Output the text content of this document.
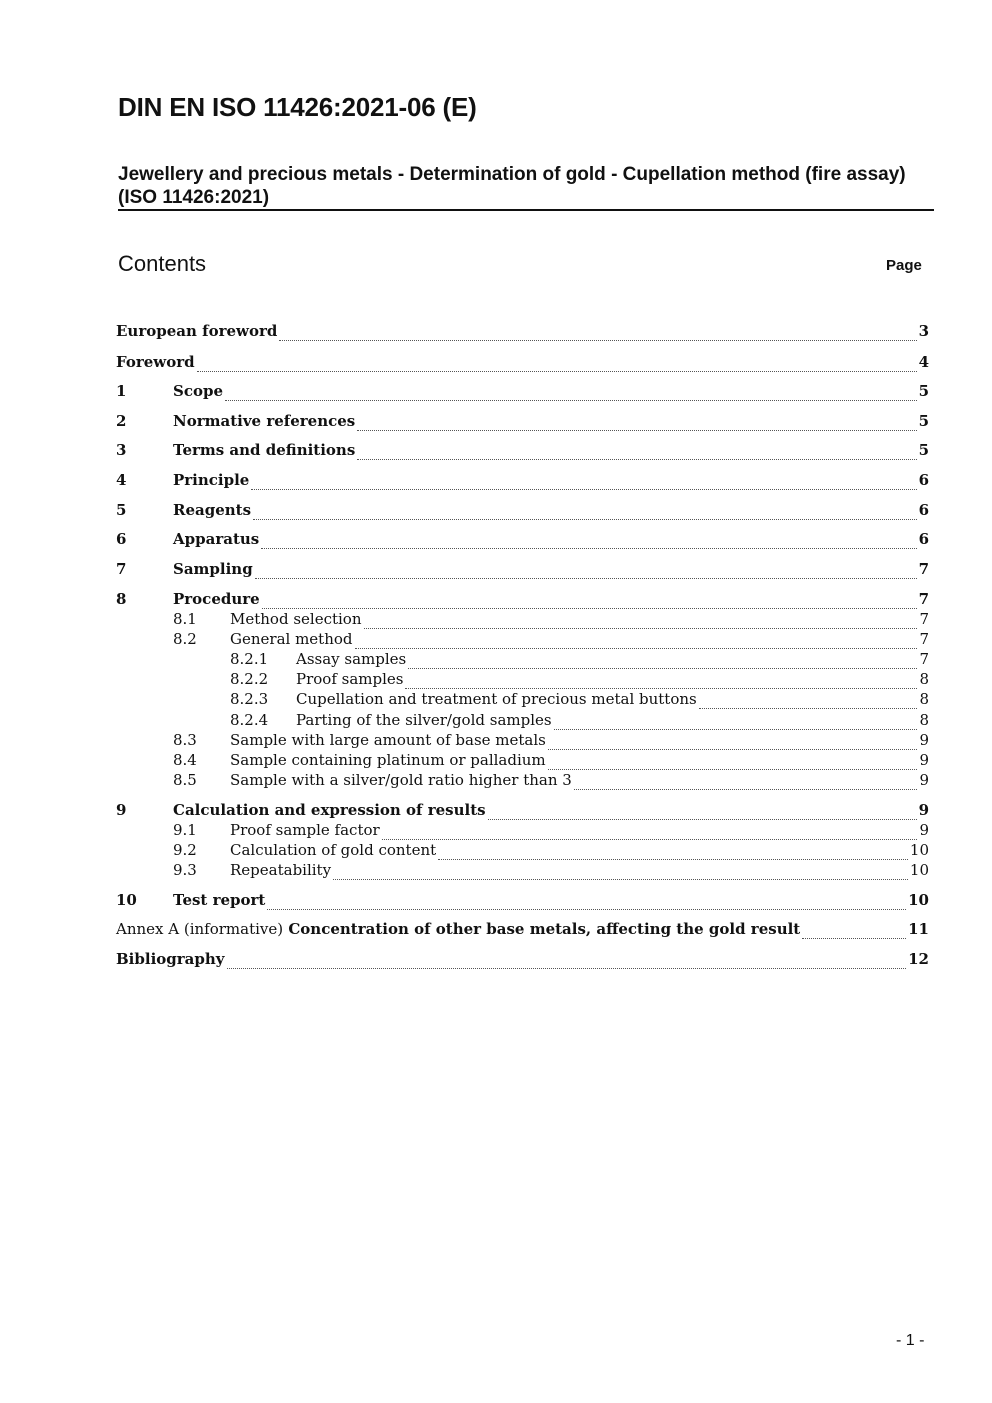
DIN EN ISO 11426:2021-06 (E)
Jewellery and precious metals - Determination of gold - Cupellation method (fire assay) (ISO 11426:2021)
Contents	Page
European foreword	3
Foreword	4
1	Scope	5
2	Normative references	5
3	Terms and definitions	5
4	Principle	6
5	Reagents	6
6	Apparatus	6
7	Sampling	7
8	Procedure	7
8.1	Method selection	7
8.2	General method	7
8.2.1	Assay samples	7
8.2.2	Proof samples	8
8.2.3	Cupellation and treatment of precious metal buttons	8
8.2.4	Parting of the silver/gold samples	8
8.3	Sample with large amount of base metals	9
8.4	Sample containing platinum or palladium	9
8.5	Sample with a silver/gold ratio higher than 3	9
9	Calculation and expression of results	9
9.1	Proof sample factor	9
9.2	Calculation of gold content	10
9.3	Repeatability	10
10	Test report	10
Annex A (informative) Concentration of other base metals, affecting the gold result	11
Bibliography	12
- 1 -
